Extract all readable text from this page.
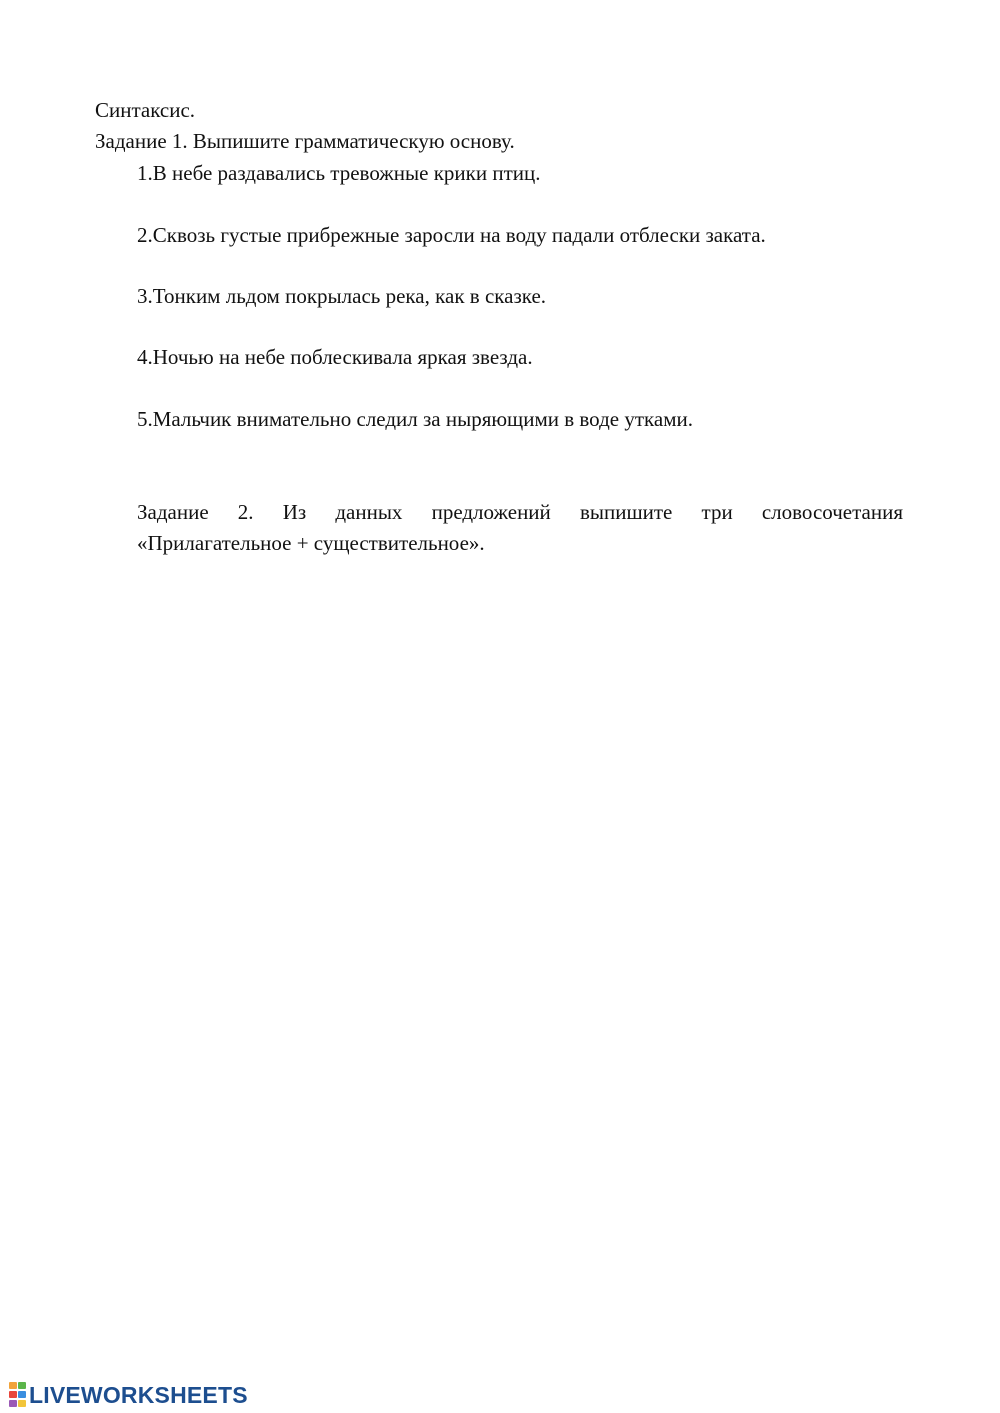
Синтаксис.
Задание 1. Выпишите грамматическую основу.
1.В небе раздавались тревожные крики птиц.
2.Сквозь густые прибрежные заросли на воду падали отблески заката.
3.Тонким льдом покрылась река, как в сказке.
4.Ночью на небе поблескивала яркая звезда.
5.Мальчик внимательно следил за ныряющими в воде утками.
Задание 2. Из данных предложений выпишите три словосочетания
«Прилагательное + существительное».
LIVEWORKSHEETS
